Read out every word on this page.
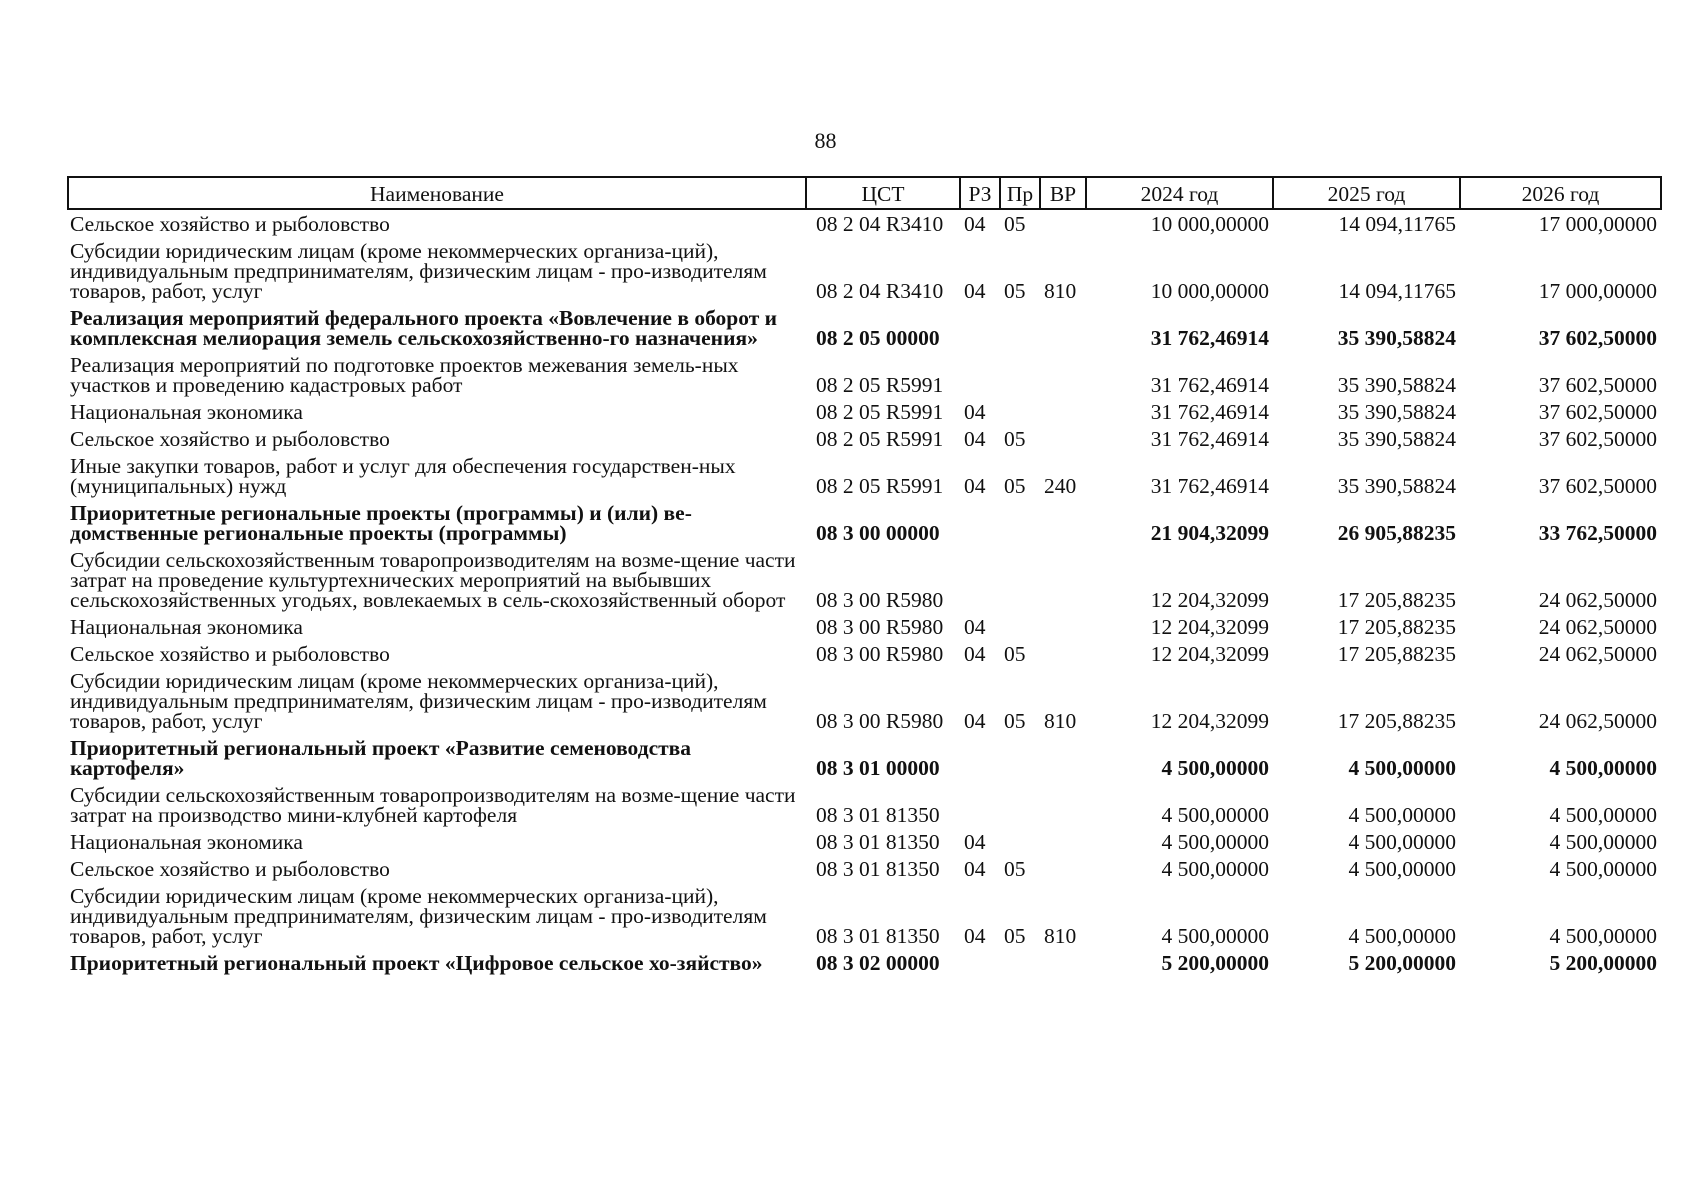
88
Наименование	ЦСТ	РЗ	Пр	ВР	2024 год	2025 год	2026 год
Сельское хозяйство и рыболовство	08 2 04 R3410	04	05		10 000,00000	14 094,11765	17 000,00000
Субсидии юридическим лицам (кроме некоммерческих организа-ций), индивидуальным предпринимателям, физическим лицам - про-изводителям товаров, работ, услуг	08 2 04 R3410	04	05	810	10 000,00000	14 094,11765	17 000,00000
Реализация мероприятий федерального проекта «Вовлечение в оборот и комплексная мелиорация земель сельскохозяйственно-го назначения»	08 2 05 00000				31 762,46914	35 390,58824	37 602,50000
Реализация мероприятий по подготовке проектов межевания земель-ных участков и проведению кадастровых работ	08 2 05 R5991				31 762,46914	35 390,58824	37 602,50000
Национальная экономика	08 2 05 R5991	04			31 762,46914	35 390,58824	37 602,50000
Сельское хозяйство и рыболовство	08 2 05 R5991	04	05		31 762,46914	35 390,58824	37 602,50000
Иные закупки товаров, работ и услуг для обеспечения государствен-ных (муниципальных) нужд	08 2 05 R5991	04	05	240	31 762,46914	35 390,58824	37 602,50000
Приоритетные региональные проекты (программы) и (или) ве-домственные региональные проекты (программы)	08 3 00 00000				21 904,32099	26 905,88235	33 762,50000
Субсидии сельскохозяйственным товаропроизводителям на возме-щение части затрат на проведение культуртехнических мероприятий на выбывших сельскохозяйственных угодьях, вовлекаемых в сель-скохозяйственный оборот	08 3 00 R5980				12 204,32099	17 205,88235	24 062,50000
Национальная экономика	08 3 00 R5980	04			12 204,32099	17 205,88235	24 062,50000
Сельское хозяйство и рыболовство	08 3 00 R5980	04	05		12 204,32099	17 205,88235	24 062,50000
Субсидии юридическим лицам (кроме некоммерческих организа-ций), индивидуальным предпринимателям, физическим лицам - про-изводителям товаров, работ, услуг	08 3 00 R5980	04	05	810	12 204,32099	17 205,88235	24 062,50000
Приоритетный региональный проект «Развитие семеноводства картофеля»	08 3 01 00000				4 500,00000	4 500,00000	4 500,00000
Субсидии сельскохозяйственным товаропроизводителям на возме-щение части затрат на производство мини-клубней картофеля	08 3 01 81350				4 500,00000	4 500,00000	4 500,00000
Национальная экономика	08 3 01 81350	04			4 500,00000	4 500,00000	4 500,00000
Сельское хозяйство и рыболовство	08 3 01 81350	04	05		4 500,00000	4 500,00000	4 500,00000
Субсидии юридическим лицам (кроме некоммерческих организа-ций), индивидуальным предпринимателям, физическим лицам - про-изводителям товаров, работ, услуг	08 3 01 81350	04	05	810	4 500,00000	4 500,00000	4 500,00000
Приоритетный региональный проект «Цифровое сельское хо-зяйство»	08 3 02 00000				5 200,00000	5 200,00000	5 200,00000
